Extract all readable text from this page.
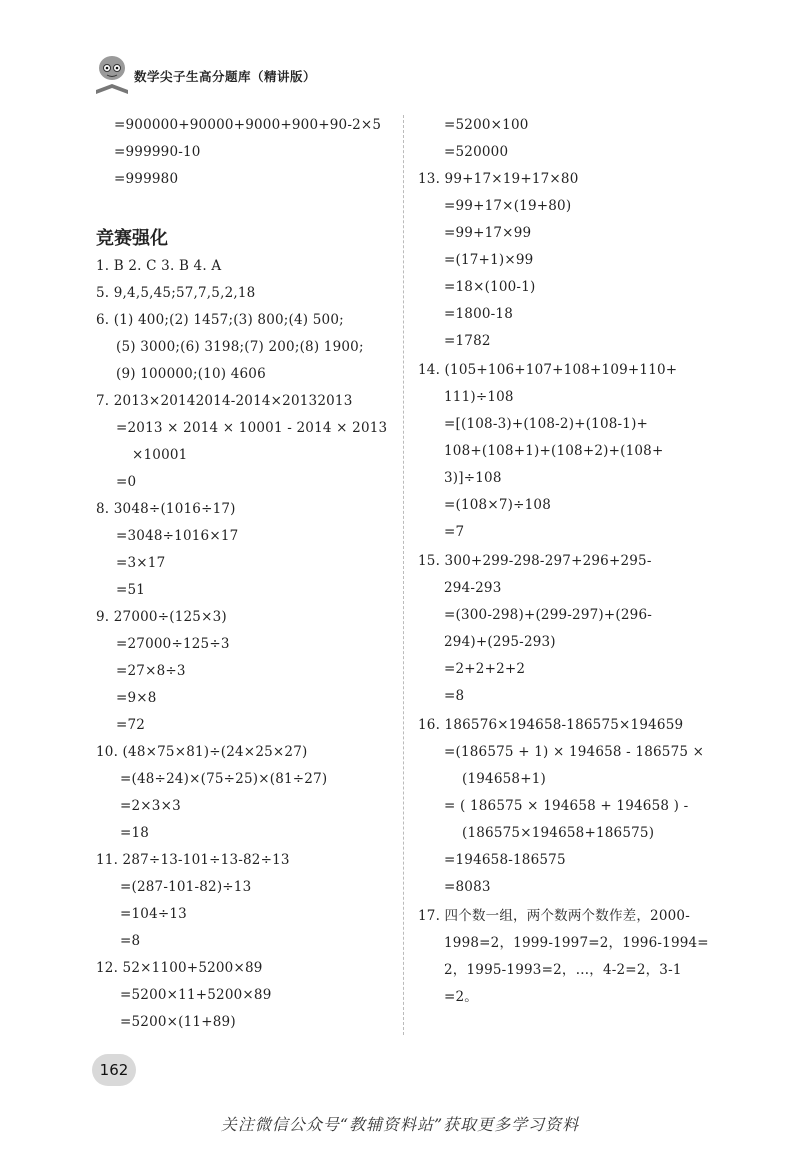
数学尖子生高分题库（精讲版）
竞赛强化
=900000+90000+9000+900+90-2×5
=999990-10
=999980
1. B 2. C 3. B 4. A
5. 9,4,5,45;57,7,5,2,18
6. (1) 400;(2) 1457;(3) 800;(4) 500;
(5) 3000;(6) 3198;(7) 200;(8) 1900;
(9) 100000;(10) 4606
7. 2013×20142014-2014×20132013
=2013 × 2014 × 10001 - 2014 × 2013
×10001
=0
8. 3048÷(1016÷17)
=3048÷1016×17
=3×17
=51
9. 27000÷(125×3)
=27000÷125÷3
=27×8÷3
=9×8
=72
10. (48×75×81)÷(24×25×27)
=(48÷24)×(75÷25)×(81÷27)
=2×3×3
=18
11. 287÷13-101÷13-82÷13
=(287-101-82)÷13
=104÷13
=8
12. 52×1100+5200×89
=5200×11+5200×89
=5200×(11+89)
=5200×100
=520000
13. 99+17×19+17×80
=99+17×(19+80)
=99+17×99
=(17+1)×99
=18×(100-1)
=1800-18
=1782
14. (105+106+107+108+109+110+
111)÷108
=[(108-3)+(108-2)+(108-1)+
108+(108+1)+(108+2)+(108+
3)]÷108
=(108×7)÷108
=7
15. 300+299-298-297+296+295-
294-293
=(300-298)+(299-297)+(296-
294)+(295-293)
=2+2+2+2
=8
16. 186576×194658-186575×194659
=(186575 + 1) × 194658 - 186575 ×
(194658+1)
= ( 186575 × 194658 + 194658 ) -
(186575×194658+186575)
=194658-186575
=8083
17. 四个数一组，两个数两个数作差，2000-
1998=2，1999-1997=2，1996-1994=
2，1995-1993=2，…，4-2=2，3-1
=2。
162
关注微信公众号“教辅资料站”获取更多学习资料
